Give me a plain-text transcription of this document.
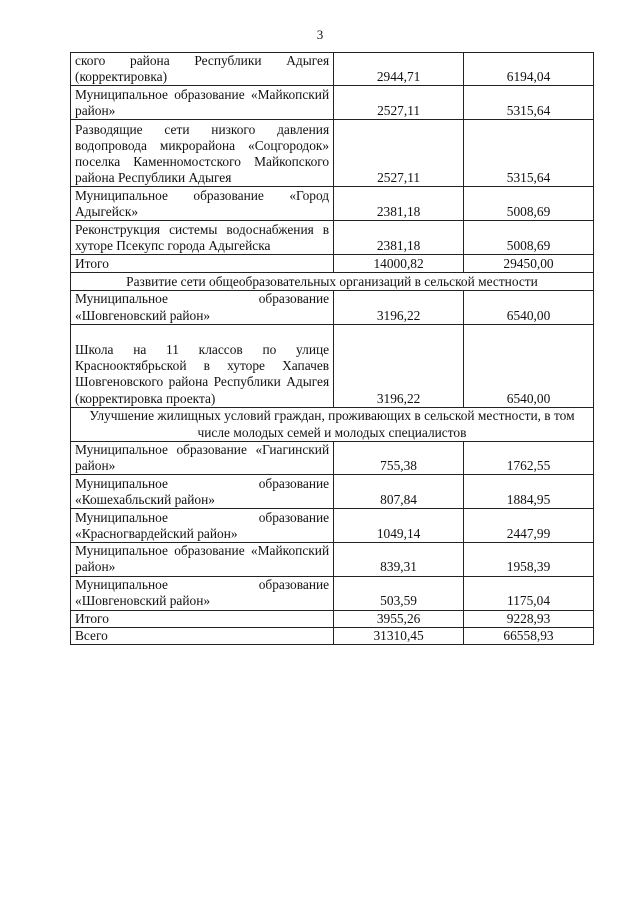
3
ского района Республики Адыгея (корректировка)	2944,71	6194,04
Муниципальное образование «Майкопский район»	2527,11	5315,64
Разводящие сети низкого давления водопровода микрорайона «Соцгородок» поселка Каменномостского Майкопского района Республики Адыгея	2527,11	5315,64
Муниципальное образование «Город Адыгейск»	2381,18	5008,69
Реконструкция системы водоснабжения в хуторе Псекупс города Адыгейска	2381,18	5008,69
Итого	14000,82	29450,00
Развитие сети общеобразовательных организаций в сельской местности		
Муниципальное образование «Шовгеновский район»	3196,22	6540,00
Школа на 11 классов по улице Красноoктябрьской в хуторе Хапачев Шовгеновского района Республики Адыгея (корректировка проекта)	3196,22	6540,00
Улучшение жилищных условий граждан, проживающих в сельской местности, в том числе молодых семей и молодых специалистов		
Муниципальное образование «Гиагинский район»	755,38	1762,55
Муниципальное образование «Кошехабльский район»	807,84	1884,95
Муниципальное образование «Красногвардейский район»	1049,14	2447,99
Муниципальное образование «Майкопский район»	839,31	1958,39
Муниципальное образование «Шовгеновский район»	503,59	1175,04
Итого	3955,26	9228,93
Всего	31310,45	66558,93
